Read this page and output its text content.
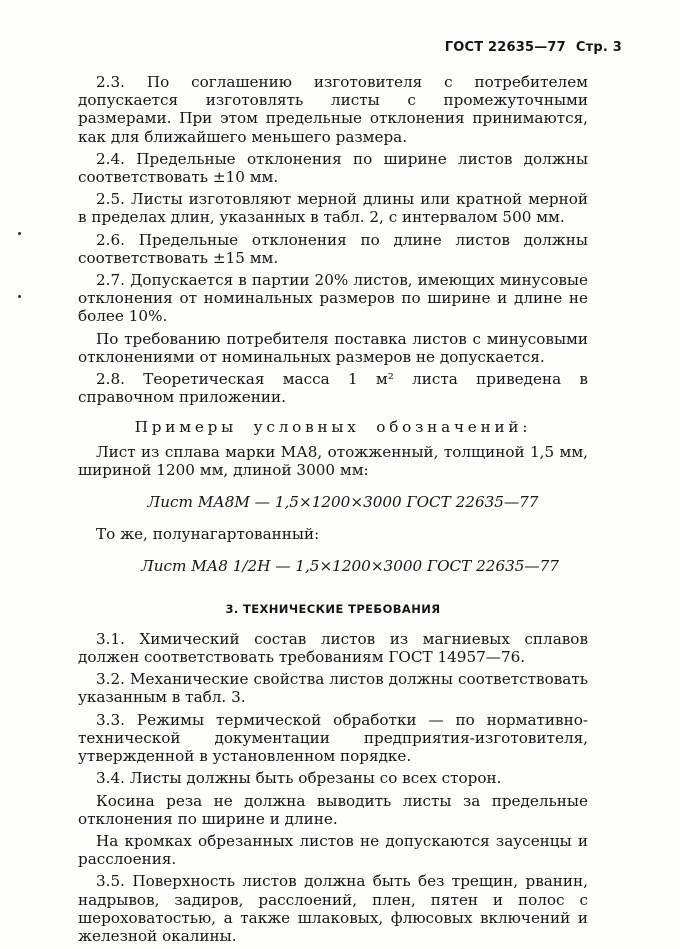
ГОСТ 22635—77 Стр. 3

2.3. По соглашению изготовителя с потребителем допускается изготовлять листы с промежуточными размерами. При этом предельные отклонения принимаются, как для ближайшего меньшего размера.

2.4. Предельные отклонения по ширине листов должны соответствовать ±10 мм.

2.5. Листы изготовляют мерной длины или кратной мерной в пределах длин, указанных в табл. 2, с интервалом 500 мм.

2.6. Предельные отклонения по длине листов должны соответствовать ±15 мм.

2.7. Допускается в партии 20% листов, имеющих минусовые отклонения от номинальных размеров по ширине и длине не более 10%.

По требованию потребителя поставка листов с минусовыми отклонениями от номинальных размеров не допускается.

2.8. Теоретическая масса 1 м² листа приведена в справочном приложении.

Примеры условных обозначений:

Лист из сплава марки МА8, отожженный, толщиной 1,5 мм, шириной 1200 мм, длиной 3000 мм:

Лист МА8М — 1,5×1200×3000 ГОСТ 22635—77

То же, полунагартованный:

Лист МА8 1/2Н — 1,5×1200×3000 ГОСТ 22635—77
3. ТЕХНИЧЕСКИЕ ТРЕБОВАНИЯ

3.1. Химический состав листов из магниевых сплавов должен соответствовать требованиям ГОСТ 14957—76.

3.2. Механические свойства листов должны соответствовать указанным в табл. 3.

3.3. Режимы термической обработки — по нормативно-технической документации предприятия-изготовителя, утвержденной в установленном порядке.

3.4. Листы должны быть обрезаны со всех сторон.

Косина реза не должна выводить листы за предельные отклонения по ширине и длине.

На кромках обрезанных листов не допускаются заусенцы и расслоения.

3.5. Поверхность листов должна быть без трещин, рванин, надрывов, задиров, расслоений, плен, пятен и полос с шероховатостью, а также шлаковых, флюсовых включений и железной окалины.
